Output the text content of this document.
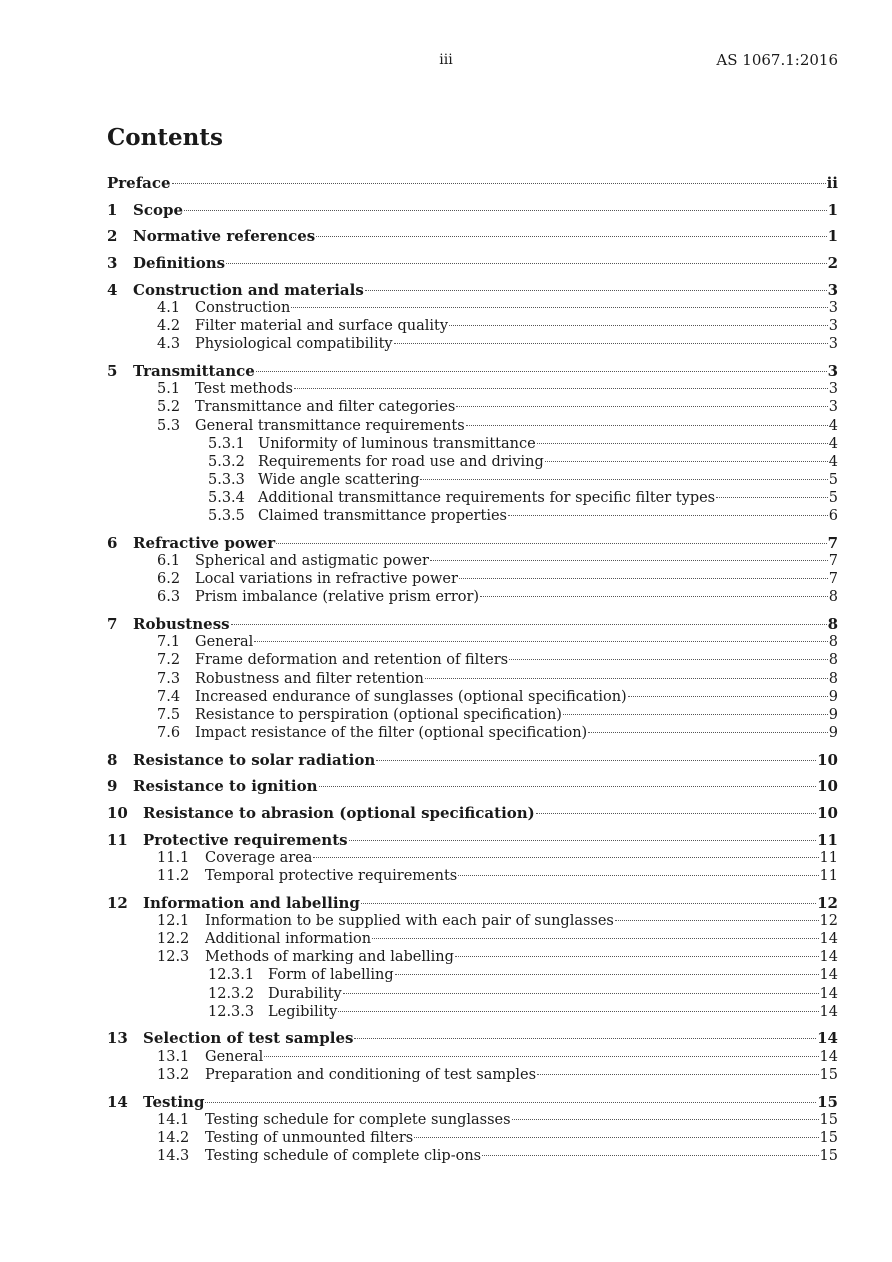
iii	AS 1067.1:2016
Contents
Preface	ii
1	Scope	1
2	Normative references	1
3	Definitions	2
4	Construction and materials	3
4.1	Construction	3
4.2	Filter material and surface quality	3
4.3	Physiological compatibility	3
5	Transmittance	3
5.1	Test methods	3
5.2	Transmittance and filter categories	3
5.3	General transmittance requirements	4
5.3.1 Uniformity of luminous transmittance	4
5.3.2 Requirements for road use and driving	4
5.3.3 Wide angle scattering	5
5.3.4 Additional transmittance requirements for specific filter types	5
5.3.5 Claimed transmittance properties	6
6	Refractive power	7
6.1	Spherical and astigmatic power	7
6.2	Local variations in refractive power	7
6.3	Prism imbalance (relative prism error)	8
7	Robustness	8
7.1	General	8
7.2	Frame deformation and retention of filters	8
7.3	Robustness and filter retention	8
7.4	Increased endurance of sunglasses (optional specification)	9
7.5	Resistance to perspiration (optional specification)	9
7.6	Impact resistance of the filter (optional specification)	9
8	Resistance to solar radiation	10
9	Resistance to ignition	10
10	Resistance to abrasion (optional specification)	10
11	Protective requirements	11
11.1	Coverage area	11
11.2	Temporal protective requirements	11
12	Information and labelling	12
12.1	Information to be supplied with each pair of sunglasses	12
12.2	Additional information	14
12.3	Methods of marking and labelling	14
12.3.1 Form of labelling	14
12.3.2 Durability	14
12.3.3 Legibility	14
13	Selection of test samples	14
13.1	General	14
13.2	Preparation and conditioning of test samples	15
14	Testing	15
14.1	Testing schedule for complete sunglasses	15
14.2	Testing of unmounted filters	15
14.3	Testing schedule of complete clip-ons	15
